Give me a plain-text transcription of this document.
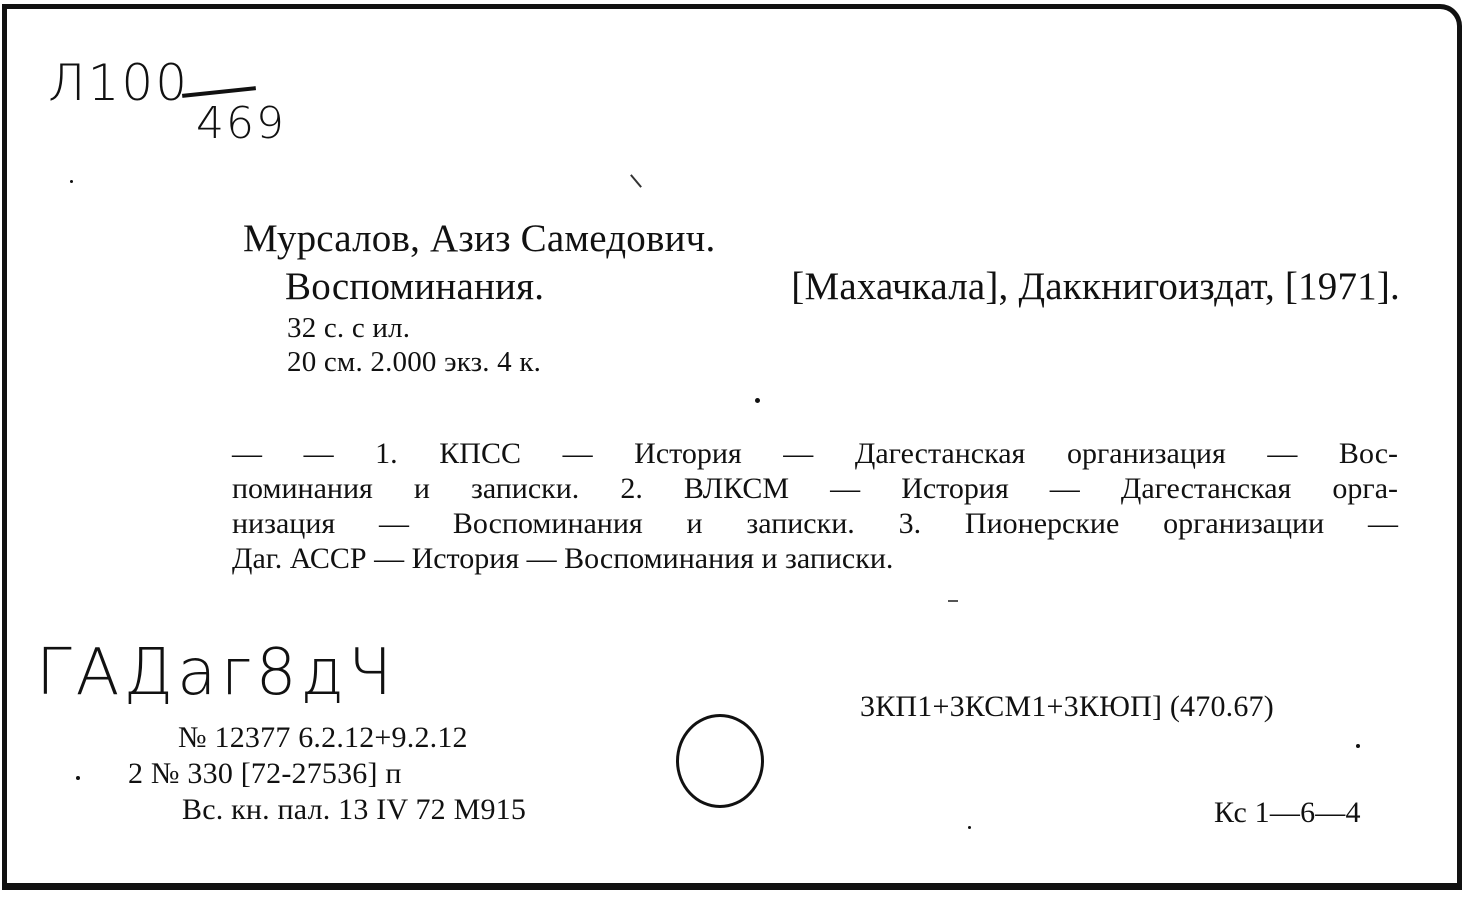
Л100
469
Мурсалов, Азиз Самедович.
Воспоминания.	[Махачкала], Даккнигоиздат, [1971].
32 с. с ил.
20 см. 2.000 экз. 4 к.
— — 1. КПСС — История — Дагестанская организация — Вос-
поминания и записки. 2. ВЛКСМ — История — Дагестанская орга-
низация — Воспоминания и записки. 3. Пионерские организации —
Даг. АССР — История — Воспоминания и записки.
ГАДаг8дЧ
№ 12377 6.2.12+9.2.12
2 № 330 [72-27536] п
Вс. кн. пал. 13 IV 72 М915
3КП1+3КСМ1+3КЮП] (470.67)
Кс 1—6—4
